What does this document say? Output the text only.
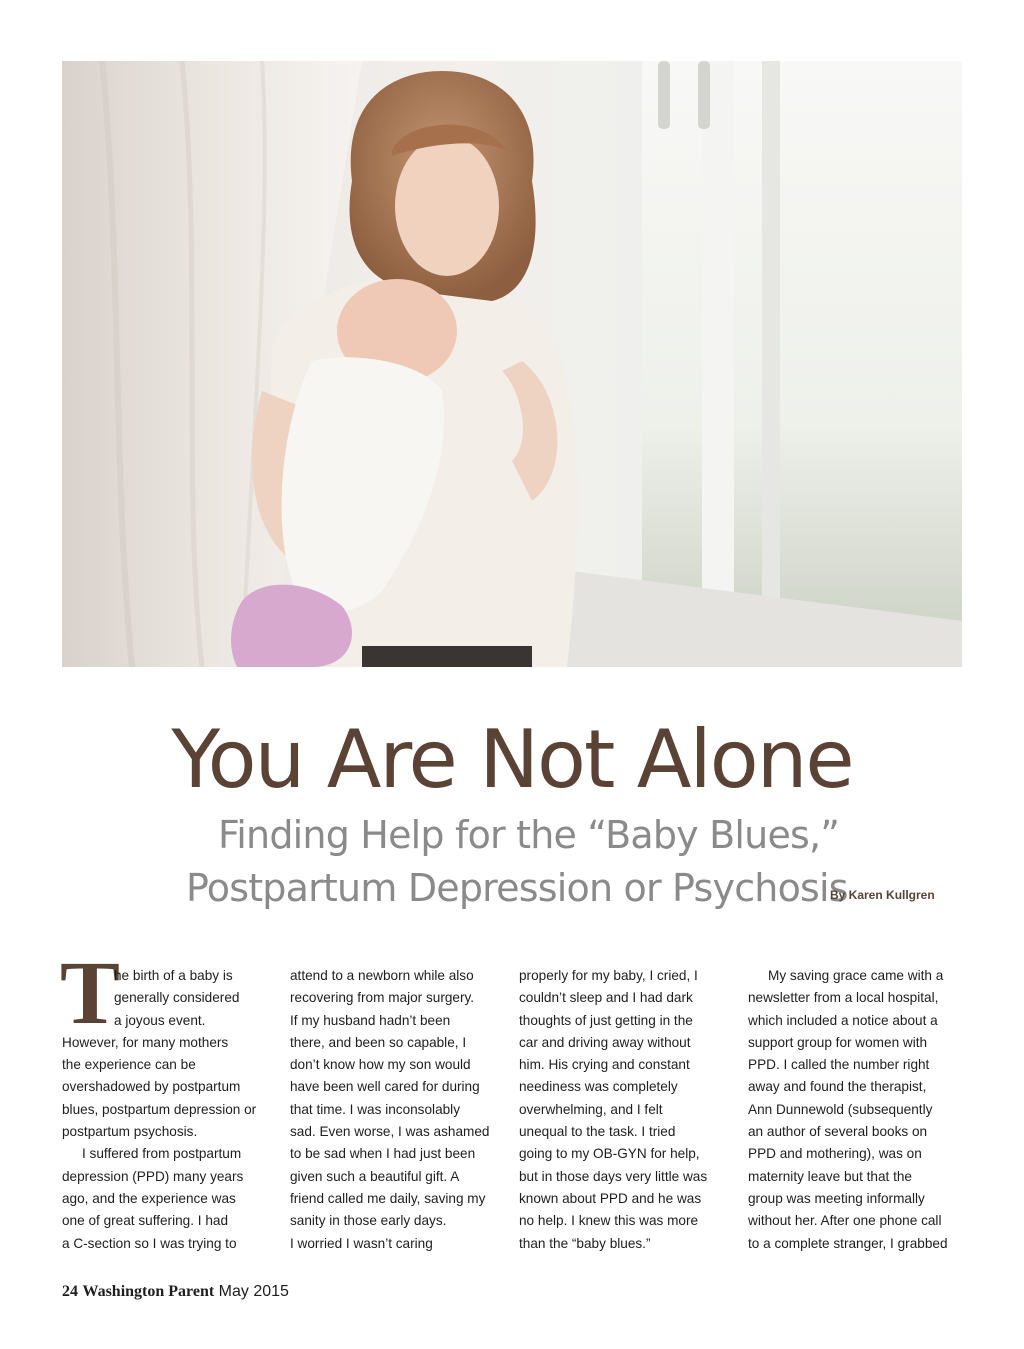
You Are Not Alone
Finding Help for the “Baby Blues,”
Postpartum Depression or Psychosis
By Karen Kullgren
T
he birth of a baby is
generally considered
a joyous event.
However, for many mothers
the experience can be
overshadowed by postpartum
blues, postpartum depression or
postpartum psychosis.
I suffered from postpartum
depression (PPD) many years
ago, and the experience was
one of great suffering. I had
a C-section so I was trying to
attend to a newborn while also
recovering from major surgery.
If my husband hadn’t been
there, and been so capable, I
don’t know how my son would
have been well cared for during
that time. I was inconsolably
sad. Even worse, I was ashamed
to be sad when I had just been
given such a beautiful gift. A
friend called me daily, saving my
sanity in those early days.
I worried I wasn’t caring
properly for my baby, I cried, I
couldn’t sleep and I had dark
thoughts of just getting in the
car and driving away without
him. His crying and constant
neediness was completely
overwhelming, and I felt
unequal to the task. I tried
going to my OB-GYN for help,
but in those days very little was
known about PPD and he was
no help. I knew this was more
than the “baby blues.”
My saving grace came with a
newsletter from a local hospital,
which included a notice about a
support group for women with
PPD. I called the number right
away and found the therapist,
Ann Dunnewold (subsequently
an author of several books on
PPD and mothering), was on
maternity leave but that the
group was meeting informally
without her. After one phone call
to a complete stranger, I grabbed
24 Washington Parent May 2015
